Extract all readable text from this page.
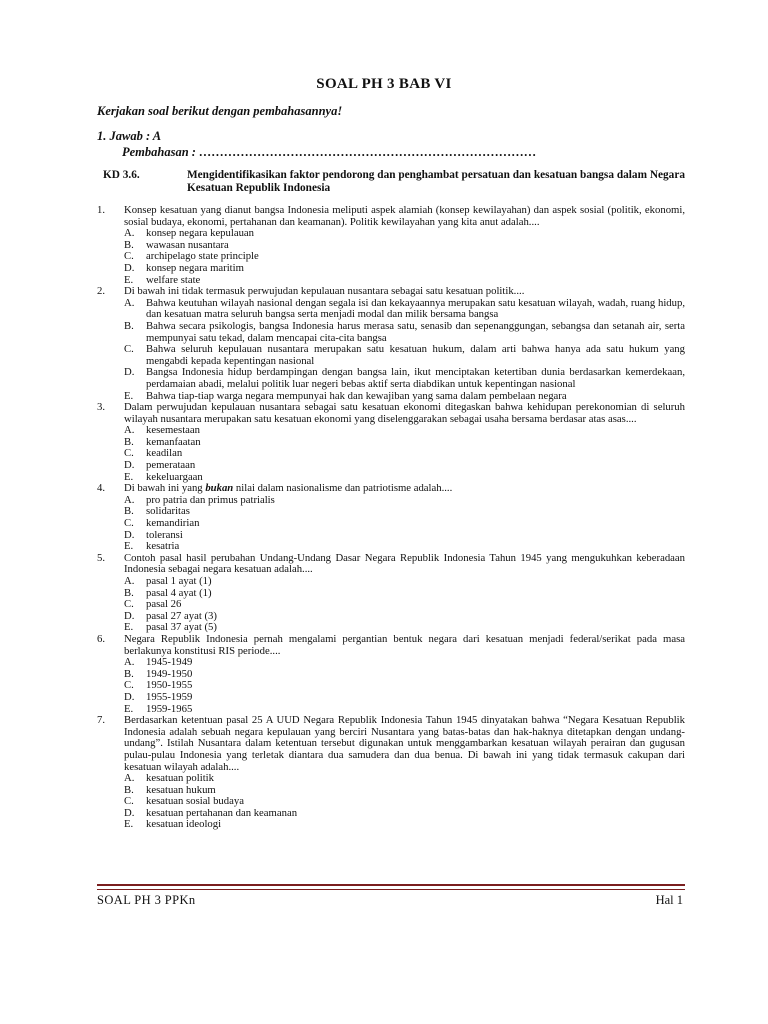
SOAL PH 3 BAB VI
Kerjakan soal berikut dengan pembahasannya!
1. Jawab : A
Pembahasan : ………………………………………………………………………
KD 3.6.	Mengidentifikasikan faktor pendorong dan penghambat persatuan dan kesatuan bangsa dalam Negara Kesatuan Republik Indonesia
1. Konsep kesatuan yang dianut bangsa Indonesia meliputi aspek alamiah (konsep kewilayahan) dan aspek sosial (politik, ekonomi, sosial budaya, ekonomi, pertahanan dan keamanan). Politik kewilayahan yang kita anut adalah....
A. konsep negara kepulauan
B. wawasan nusantara
C. archipelago state principle
D. konsep negara maritim
E. welfare state
2. Di bawah ini tidak termasuk perwujudan kepulauan nusantara sebagai satu kesatuan politik....
A. Bahwa keutuhan wilayah nasional dengan segala isi dan kekayaannya merupakan satu kesatuan wilayah, wadah, ruang hidup, dan kesatuan matra seluruh bangsa serta menjadi modal dan milik bersama bangsa
B. Bahwa secara psikologis, bangsa Indonesia harus merasa satu, senasib dan sepenanggungan, sebangsa dan setanah air, serta mempunyai satu tekad, dalam mencapai cita-cita bangsa
C. Bahwa seluruh kepulauan nusantara merupakan satu kesatuan hukum, dalam arti bahwa hanya ada satu hukum yang mengabdi kepada kepentingan nasional
D. Bangsa Indonesia hidup berdampingan dengan bangsa lain, ikut menciptakan ketertiban dunia berdasarkan kemerdekaan, perdamaian abadi, melalui politik luar negeri bebas aktif serta diabdikan untuk kepentingan nasional
E. Bahwa tiap-tiap warga negara mempunyai hak dan kewajiban yang sama dalam pembelaan negara
3. Dalam perwujudan kepulauan nusantara sebagai satu kesatuan ekonomi ditegaskan bahwa kehidupan perekonomian di seluruh wilayah nusantara merupakan satu kesatuan ekonomi yang diselenggarakan sebagai usaha bersama berdasar atas asas....
A. kesemestaan
B. kemanfaatan
C. keadilan
D. pemerataan
E. kekeluargaan
4. Di bawah ini yang bukan nilai dalam nasionalisme dan patriotisme adalah....
A. pro patria dan primus patrialis
B. solidaritas
C. kemandirian
D. toleransi
E. kesatria
5. Contoh pasal hasil perubahan Undang-Undang Dasar Negara Republik Indonesia Tahun 1945 yang mengukuhkan keberadaan Indonesia sebagai negara kesatuan adalah....
A. pasal 1 ayat (1)
B. pasal 4 ayat (1)
C. pasal 26
D. pasal 27 ayat (3)
E. pasal 37 ayat (5)
6. Negara Republik Indonesia pernah mengalami pergantian bentuk negara dari kesatuan menjadi federal/serikat pada masa berlakunya konstitusi RIS periode....
A. 1945-1949
B. 1949-1950
C. 1950-1955
D. 1955-1959
E. 1959-1965
7. Berdasarkan ketentuan pasal 25 A UUD Negara Republik Indonesia Tahun 1945 dinyatakan bahwa “Negara Kesatuan Republik Indonesia adalah sebuah negara kepulauan yang berciri Nusantara yang batas-batas dan hak-haknya ditetapkan dengan undang-undang”. Istilah Nusantara dalam ketentuan tersebut digunakan untuk menggambarkan kesatuan wilayah perairan dan gugusan pulau-pulau Indonesia yang terletak diantara dua samudera dan dua benua. Di bawah ini yang tidak termasuk cakupan dari kesatuan wilayah adalah....
A. kesatuan politik
B. kesatuan hukum
C. kesatuan sosial budaya
D. kesatuan pertahanan dan keamanan
E. kesatuan ideologi
SOAL PH 3 PPKn	Hal 1
